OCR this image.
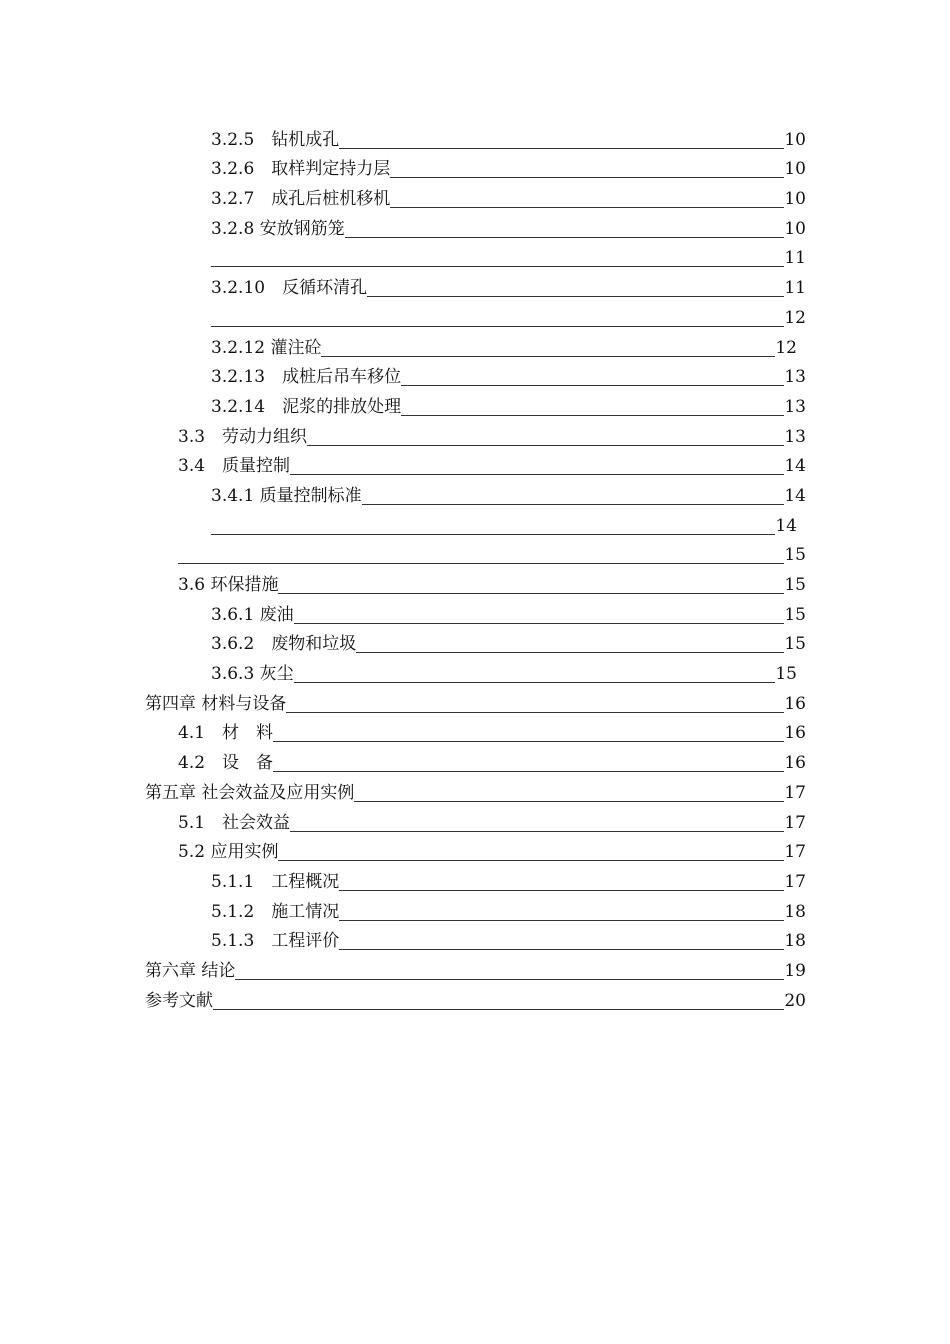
3.2.5　钻机成孔	10
3.2.6　取样判定持力层	10
3.2.7　成孔后桩机移机	10
3.2.8 安放钢筋笼	10
11
3.2.10　反循环清孔	11
12
3.2.12 灌注砼	12
3.2.13　成桩后吊车移位	13
3.2.14　泥浆的排放处理	13
3.3　劳动力组织	13
3.4　质量控制	14
3.4.1 质量控制标准	14
14
15
3.6 环保措施	15
3.6.1 废油	15
3.6.2　废物和垃圾	15
3.6.3 灰尘	15
第四章 材料与设备	16
4.1　材　料	16
4.2　设　备	16
第五章 社会效益及应用实例	17
5.1　社会效益	17
5.2 应用实例	17
5.1.1　工程概况	17
5.1.2　施工情况	18
5.1.3　工程评价	18
第六章 结论	19
参考文献	20
